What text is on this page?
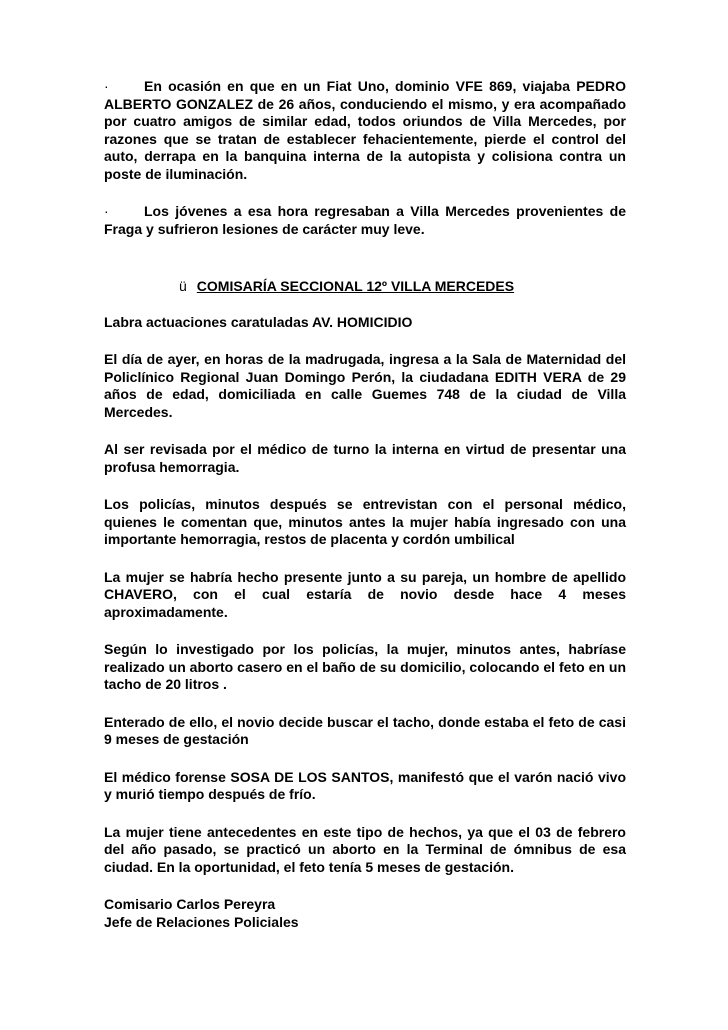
·	En ocasión en que en un Fiat Uno, dominio VFE 869, viajaba PEDRO ALBERTO GONZALEZ de 26 años, conduciendo el mismo, y era acompañado por cuatro amigos de similar edad, todos oriundos de Villa Mercedes, por razones que se tratan de establecer fehacientemente, pierde el control del auto, derrapa en la banquina interna de la autopista y colisiona contra un poste de iluminación.

·	Los jóvenes a esa hora regresaban a Villa Mercedes provenientes de Fraga y sufrieron lesiones de carácter muy leve.

ü COMISARÍA SECCIONAL 12º VILLA MERCEDES

Labra actuaciones caratuladas AV. HOMICIDIO

El día de ayer, en horas de la madrugada, ingresa a la Sala de Maternidad del Policlínico Regional Juan Domingo Perón, la ciudadana EDITH VERA de 29 años de edad, domiciliada en calle Guemes 748 de la ciudad de Villa Mercedes.

Al ser revisada por el médico de turno la interna en virtud de presentar una profusa hemorragia.

Los policías, minutos después se entrevistan con el personal médico, quienes le comentan que, minutos antes la mujer había ingresado con una importante hemorragia, restos de placenta y cordón umbilical

La mujer se habría hecho presente junto a su pareja, un hombre de apellido CHAVERO, con el cual estaría de novio desde hace 4 meses aproximadamente.

Según lo investigado por los policías, la mujer, minutos antes, habríase realizado un aborto casero en el baño de su domicilio, colocando el feto en un tacho de 20 litros .

Enterado de ello, el novio decide buscar el tacho, donde estaba el feto de casi 9 meses de gestación

El médico forense SOSA DE LOS SANTOS, manifestó que el varón nació vivo y murió tiempo después de frío.

La mujer tiene antecedentes en este tipo de hechos, ya que el 03 de febrero del año pasado, se practicó un aborto en la Terminal de ómnibus de esa ciudad. En la oportunidad, el feto tenía 5 meses de gestación.

Comisario Carlos Pereyra

Jefe de Relaciones Policiales
